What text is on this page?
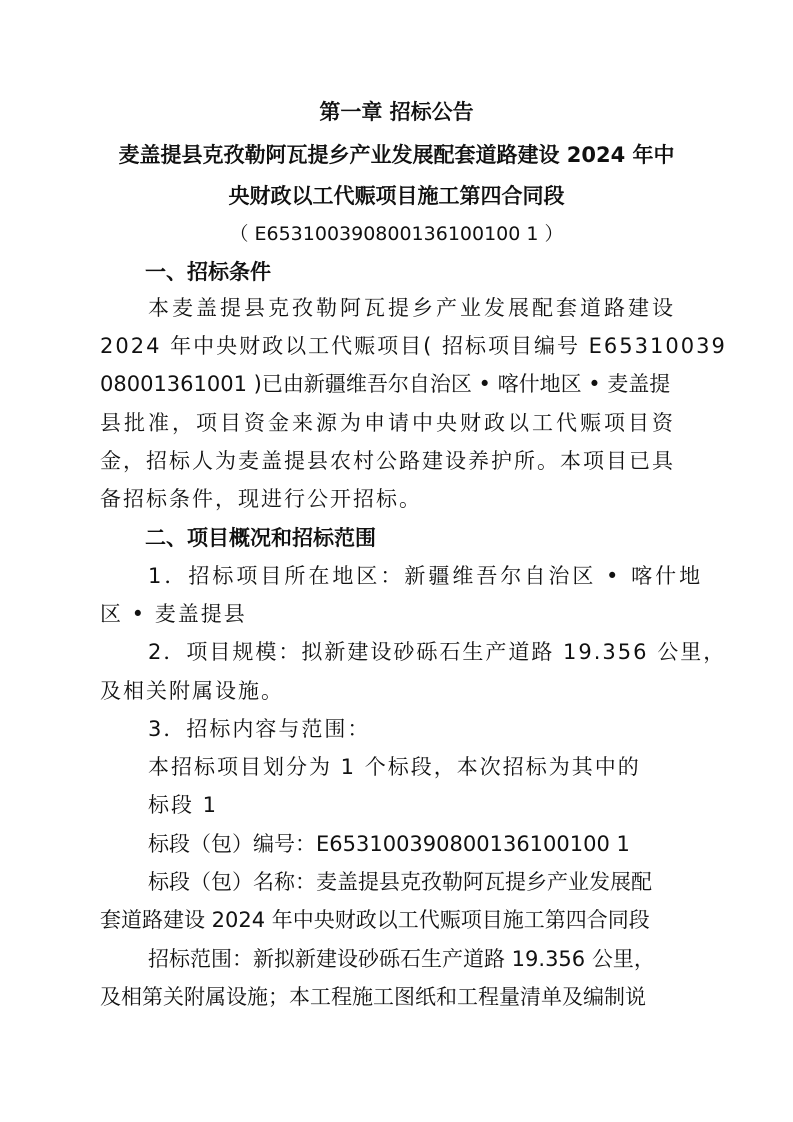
第一章 招标公告
麦盖提县克孜勒阿瓦提乡产业发展配套道路建设 2024 年中
央财政以工代赈项目施工第四合同段
（ E653100390800136100100 1 ）
一、招标条件
本麦盖提县克孜勒阿瓦提乡产业发展配套道路建设
2024 年中央财政以工代赈项目( 招标项目编号 E65310039
08001361001 )已由新疆维吾尔自治区 • 喀什地区 • 麦盖提
县批准，项目资金来源为申请中央财政以工代赈项目资
金，招标人为麦盖提县农村公路建设养护所。本项目已具
备招标条件，现进行公开招标。
二、项目概况和招标范围
1．招标项目所在地区：新疆维吾尔自治区 • 喀什地
区 • 麦盖提县
2．项目规模：拟新建设砂砾石生产道路 19.356 公里，
及相关附属设施。
3．招标内容与范围：
本招标项目划分为 1 个标段，本次招标为其中的
标段 1
标段（包）编号：E653100390800136100100 1
标段（包）名称：麦盖提县克孜勒阿瓦提乡产业发展配
套道路建设 2024 年中央财政以工代赈项目施工第四合同段
招标范围：新拟新建设砂砾石生产道路 19.356 公里，
及相第关附属设施；本工程施工图纸和工程量清单及编制说
